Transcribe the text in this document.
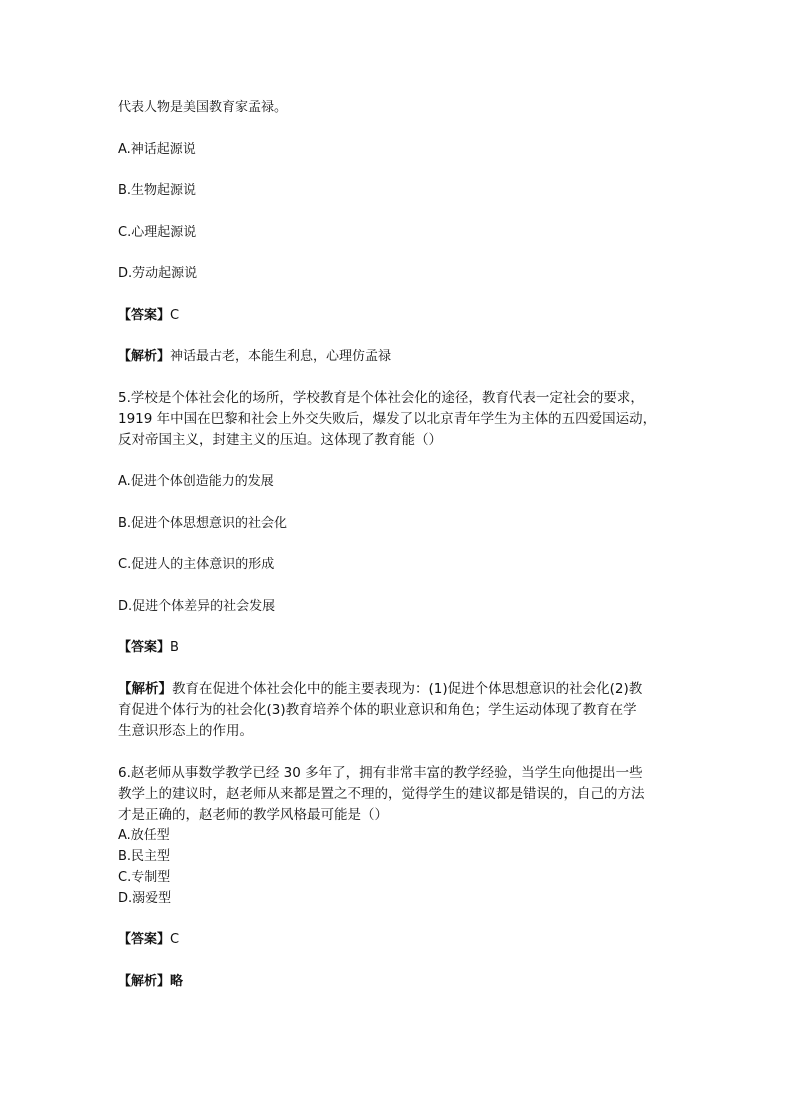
代表人物是美国教育家孟禄。
A.神话起源说
B.生物起源说
C.心理起源说
D.劳动起源说
【答案】C
【解析】神话最古老，本能生利息，心理仿孟禄
5.学校是个体社会化的场所，学校教育是个体社会化的途径，教育代表一定社会的要求，
1919 年中国在巴黎和社会上外交失败后，爆发了以北京青年学生为主体的五四爱国运动，
反对帝国主义，封建主义的压迫。这体现了教育能（）
A.促进个体创造能力的发展
B.促进个体思想意识的社会化
C.促进人的主体意识的形成
D.促进个体差异的社会发展
【答案】B
【解析】教育在促进个体社会化中的能主要表现为：(1)促进个体思想意识的社会化(2)教
育促进个体行为的社会化(3)教育培养个体的职业意识和角色；学生运动体现了教育在学
生意识形态上的作用。
6.赵老师从事数学教学已经 30 多年了，拥有非常丰富的教学经验，当学生向他提出一些
教学上的建议时，赵老师从来都是置之不理的，觉得学生的建议都是错误的，自己的方法
才是正确的，赵老师的教学风格最可能是（）
A.放任型
B.民主型
C.专制型
D.溺爱型
【答案】C
【解析】略
